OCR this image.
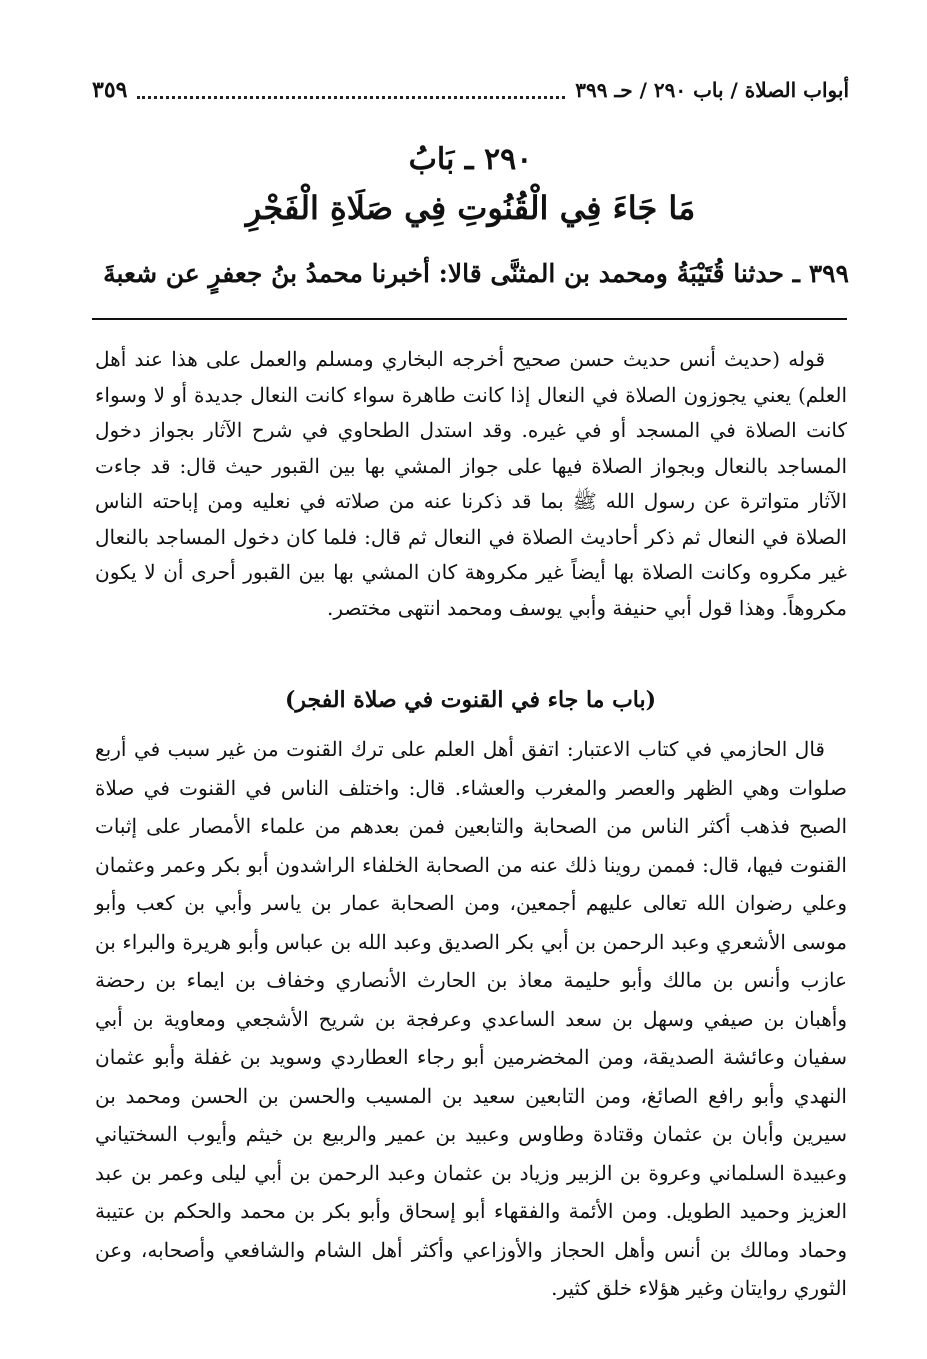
أبواب الصلاة / باب ٢٩٠ / حـ ٣٩٩
٣٥٩
٢٩٠ ـ بَابُ
مَا جَاءَ فِي الْقُنُوتِ فِي صَلَاةِ الْفَجْرِ
٣٩٩ ـ حدثنا قُتَيْبَةُ ومحمد بن المثنَّى قالا: أخبرنا محمدُ بنُ جعفرٍ عن شعبةَ

قوله (حديث أنس حديث حسن صحيح أخرجه البخاري ومسلم والعمل على هذا عند أهل العلم) يعني يجوزون الصلاة في النعال إذا كانت طاهرة سواء كانت النعال جديدة أو لا وسواء كانت الصلاة في المسجد أو في غيره. وقد استدل الطحاوي في شرح الآثار بجواز دخول المساجد بالنعال وبجواز الصلاة فيها على جواز المشي بها بين القبور حيث قال: قد جاءت الآثار متواترة عن رسول الله ﷺ بما قد ذكرنا عنه من صلاته في نعليه ومن إباحته الناس الصلاة في النعال ثم ذكر أحاديث الصلاة في النعال ثم قال: فلما كان دخول المساجد بالنعال غير مكروه وكانت الصلاة بها أيضاً غير مكروهة كان المشي بها بين القبور أحرى أن لا يكون مكروهاً. وهذا قول أبي حنيفة وأبي يوسف ومحمد انتهى مختصر.

(باب ما جاء في القنوت في صلاة الفجر)

قال الحازمي في كتاب الاعتبار: اتفق أهل العلم على ترك القنوت من غير سبب في أربع صلوات وهي الظهر والعصر والمغرب والعشاء. قال: واختلف الناس في القنوت في صلاة الصبح فذهب أكثر الناس من الصحابة والتابعين فمن بعدهم من علماء الأمصار على إثبات القنوت فيها، قال: فممن روينا ذلك عنه من الصحابة الخلفاء الراشدون أبو بكر وعمر وعثمان وعلي رضوان الله تعالى عليهم أجمعين، ومن الصحابة عمار بن ياسر وأبي بن كعب وأبو موسى الأشعري وعبد الرحمن بن أبي بكر الصديق وعبد الله بن عباس وأبو هريرة والبراء بن عازب وأنس بن مالك وأبو حليمة معاذ بن الحارث الأنصاري وخفاف بن ايماء بن رحضة وأهبان بن صيفي وسهل بن سعد الساعدي وعرفجة بن شريح الأشجعي ومعاوية بن أبي سفيان وعائشة الصديقة، ومن المخضرمين أبو رجاء العطاردي وسويد بن غفلة وأبو عثمان النهدي وأبو رافع الصائغ، ومن التابعين سعيد بن المسيب والحسن بن الحسن ومحمد بن سيرين وأبان بن عثمان وقتادة وطاوس وعبيد بن عمير والربيع بن خيثم وأيوب السختياني وعبيدة السلماني وعروة بن الزبير وزياد بن عثمان وعبد الرحمن بن أبي ليلى وعمر بن عبد العزيز وحميد الطويل. ومن الأئمة والفقهاء أبو إسحاق وأبو بكر بن محمد والحكم بن عتيبة وحماد ومالك بن أنس وأهل الحجاز والأوزاعي وأكثر أهل الشام والشافعي وأصحابه، وعن الثوري روايتان وغير هؤلاء خلق كثير.
